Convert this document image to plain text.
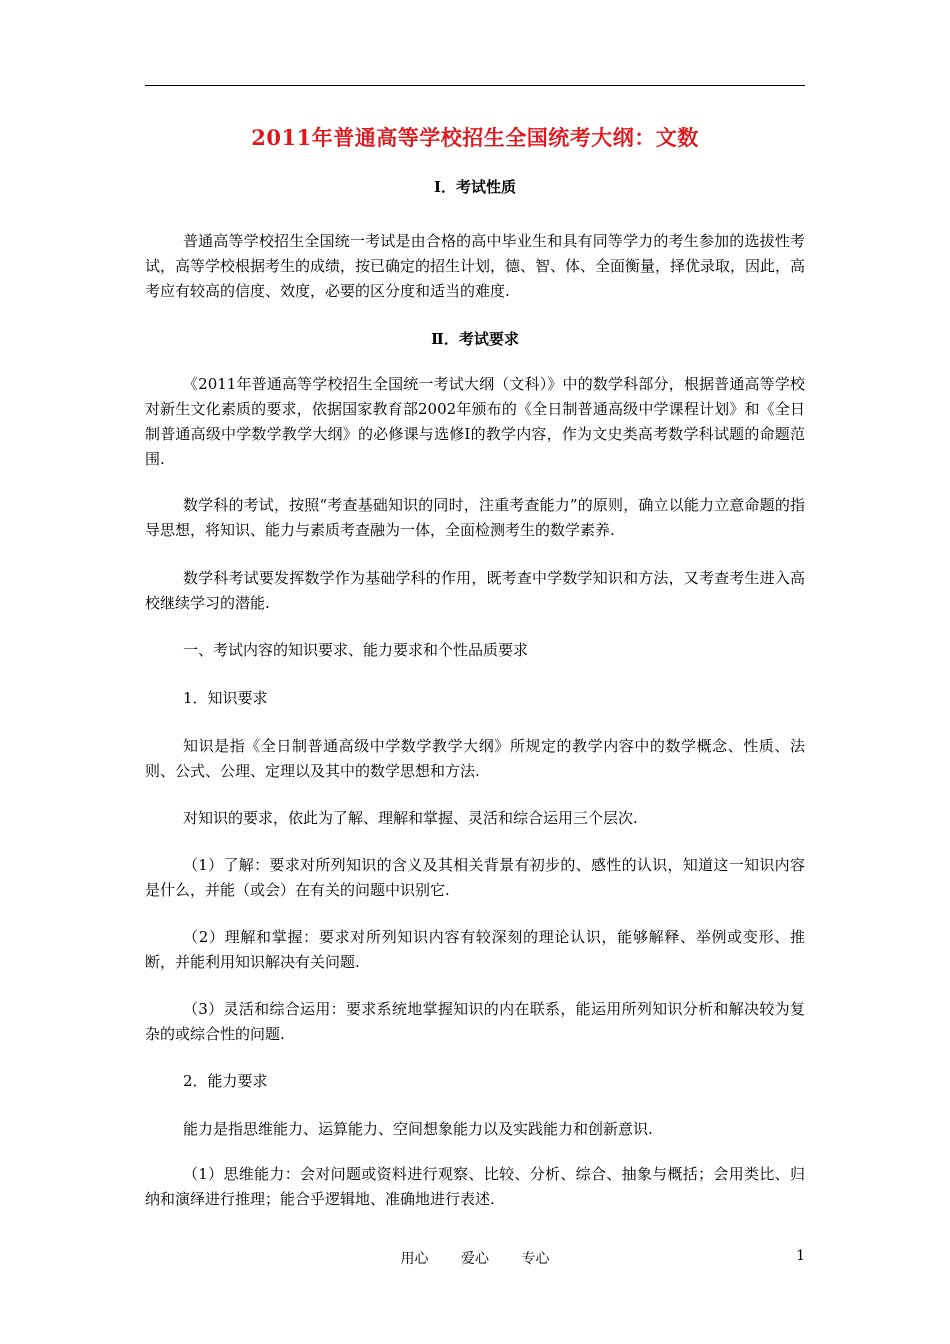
2011年普通高等学校招生全国统考大纲：文数
Ⅰ．考试性质

普通高等学校招生全国统一考试是由合格的高中毕业生和具有同等学力的考生参加的选拔性考试，高等学校根据考生的成绩，按已确定的招生计划，德、智、体、全面衡量，择优录取，因此，高考应有较高的信度、效度，必要的区分度和适当的难度.

Ⅱ．考试要求

《2011年普通高等学校招生全国统一考试大纲（文科）》中的数学科部分，根据普通高等学校对新生文化素质的要求，依据国家教育部2002年颁布的《全日制普通高级中学课程计划》和《全日制普通高级中学数学教学大纲》的必修课与选修Ⅰ的教学内容，作为文史类高考数学科试题的命题范围.

数学科的考试，按照“考查基础知识的同时，注重考查能力”的原则，确立以能力立意命题的指导思想，将知识、能力与素质考查融为一体，全面检测考生的数学素养.

数学科考试要发挥数学作为基础学科的作用，既考查中学数学知识和方法，又考查考生进入高校继续学习的潜能.

一、考试内容的知识要求、能力要求和个性品质要求

1．知识要求

知识是指《全日制普通高级中学数学教学大纲》所规定的教学内容中的数学概念、性质、法则、公式、公理、定理以及其中的数学思想和方法.

对知识的要求，依此为了解、理解和掌握、灵活和综合运用三个层次.

（1）了解：要求对所列知识的含义及其相关背景有初步的、感性的认识，知道这一知识内容是什么，并能（或会）在有关的问题中识别它.

（2）理解和掌握：要求对所列知识内容有较深刻的理论认识，能够解释、举例或变形、推断，并能利用知识解决有关问题.

（3）灵活和综合运用：要求系统地掌握知识的内在联系，能运用所列知识分析和解决较为复杂的或综合性的问题.

2．能力要求

能力是指思维能力、运算能力、空间想象能力以及实践能力和创新意识.

（1）思维能力：会对问题或资料进行观察、比较、分析、综合、抽象与概括；会用类比、归纳和演绎进行推理；能合乎逻辑地、准确地进行表述.

用心 爱心 专心	1
